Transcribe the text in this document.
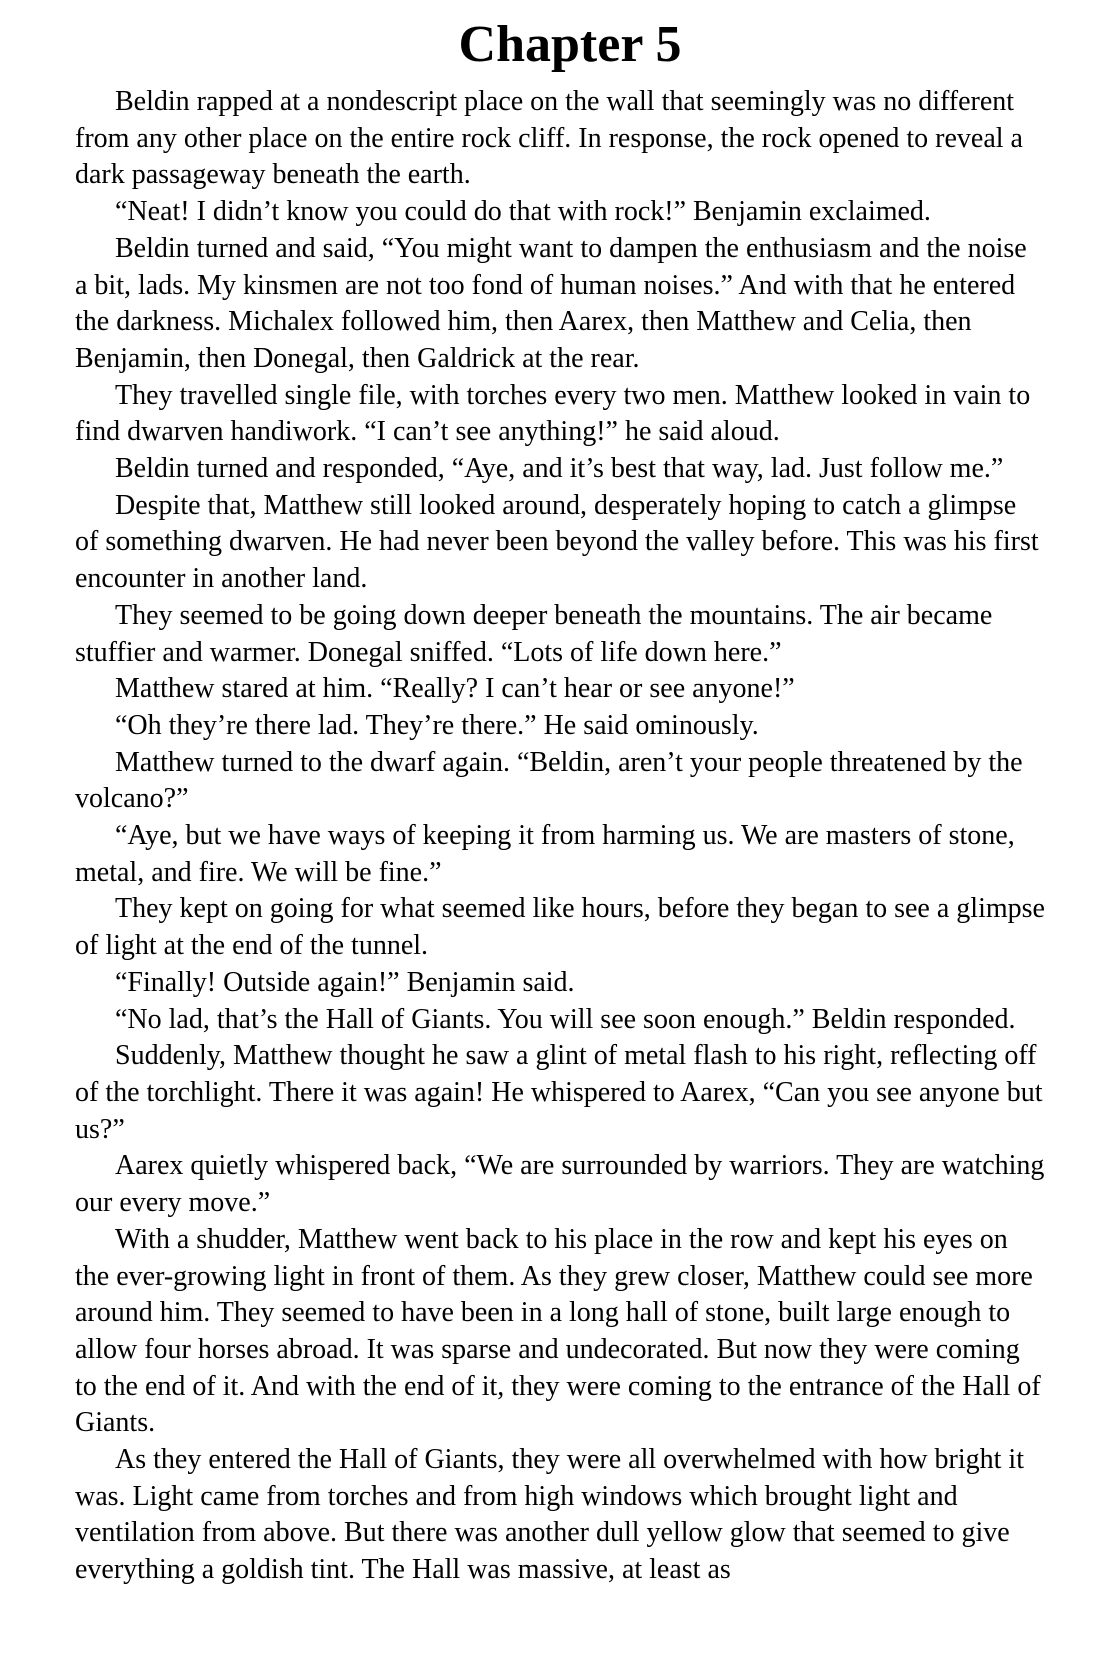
Chapter 5

Beldin rapped at a nondescript place on the wall that seemingly was no different from any other place on the entire rock cliff. In response, the rock opened to reveal a dark passageway beneath the earth.

“Neat! I didn’t know you could do that with rock!” Benjamin exclaimed.

Beldin turned and said, “You might want to dampen the enthusiasm and the noise a bit, lads. My kinsmen are not too fond of human noises.” And with that he entered the darkness. Michalex followed him, then Aarex, then Matthew and Celia, then Benjamin, then Donegal, then Galdrick at the rear.

They travelled single file, with torches every two men. Matthew looked in vain to find dwarven handiwork. “I can’t see anything!” he said aloud.

Beldin turned and responded, “Aye, and it’s best that way, lad. Just follow me.”

Despite that, Matthew still looked around, desperately hoping to catch a glimpse of something dwarven. He had never been beyond the valley before. This was his first encounter in another land.

They seemed to be going down deeper beneath the mountains. The air became stuffier and warmer. Donegal sniffed. “Lots of life down here.”

Matthew stared at him. “Really? I can’t hear or see anyone!”

“Oh they’re there lad. They’re there.” He said ominously.

Matthew turned to the dwarf again. “Beldin, aren’t your people threatened by the volcano?”

“Aye, but we have ways of keeping it from harming us. We are masters of stone, metal, and fire. We will be fine.”

They kept on going for what seemed like hours, before they began to see a glimpse of light at the end of the tunnel.

“Finally! Outside again!” Benjamin said.

“No lad, that’s the Hall of Giants. You will see soon enough.” Beldin responded.

Suddenly, Matthew thought he saw a glint of metal flash to his right, reflecting off of the torchlight. There it was again! He whispered to Aarex, “Can you see anyone but us?”

Aarex quietly whispered back, “We are surrounded by warriors. They are watching our every move.”

With a shudder, Matthew went back to his place in the row and kept his eyes on the ever-growing light in front of them. As they grew closer, Matthew could see more around him. They seemed to have been in a long hall of stone, built large enough to allow four horses abroad. It was sparse and undecorated. But now they were coming to the end of it. And with the end of it, they were coming to the entrance of the Hall of Giants.

As they entered the Hall of Giants, they were all overwhelmed with how bright it was. Light came from torches and from high windows which brought light and ventilation from above. But there was another dull yellow glow that seemed to give everything a goldish tint. The Hall was massive, at least as
